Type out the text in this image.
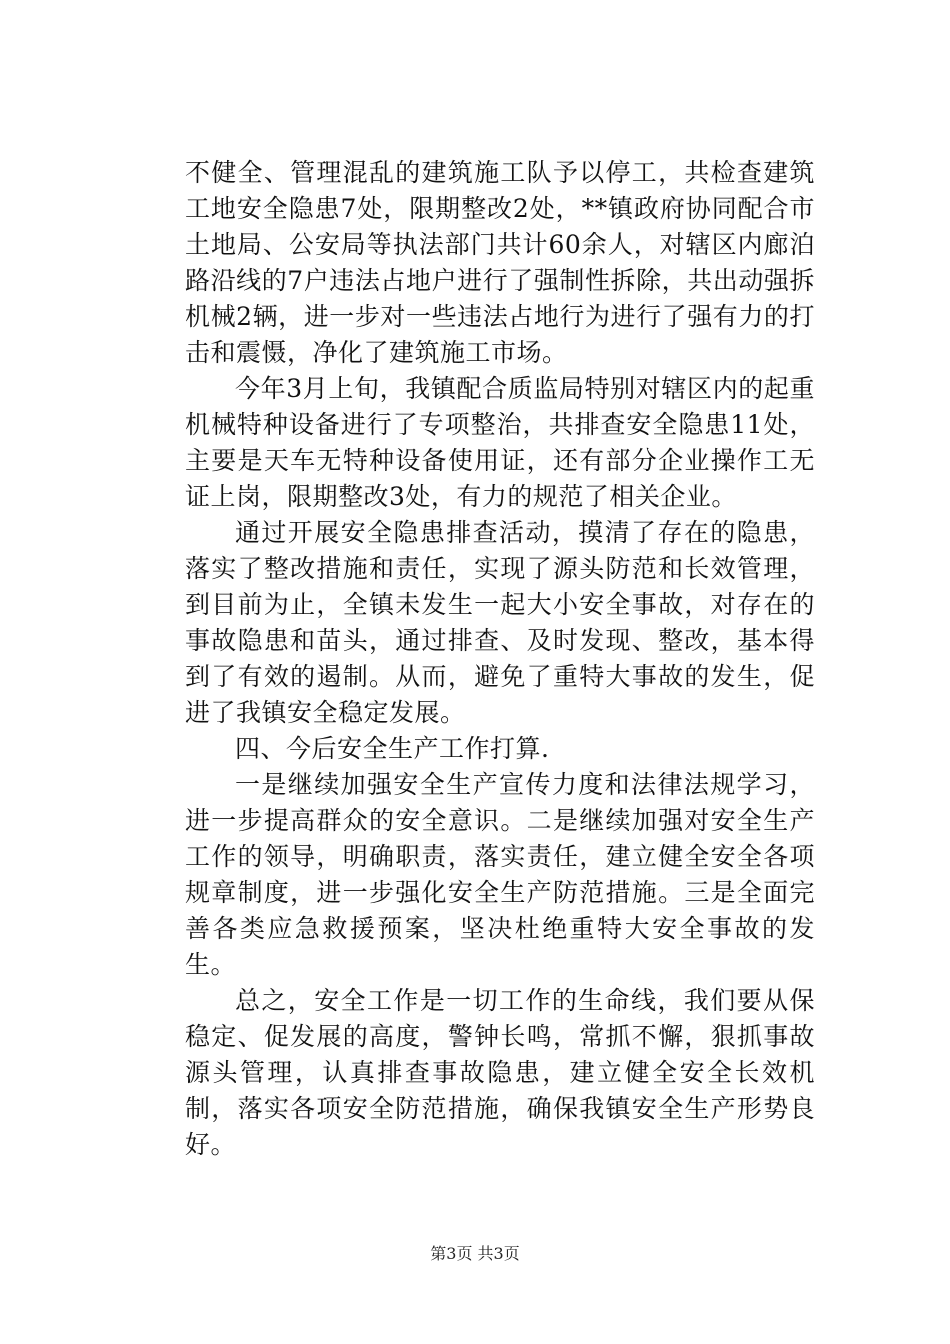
不健全、管理混乱的建筑施工队予以停工，共检查建筑工地安全隐患7处，限期整改2处，**镇政府协同配合市土地局、公安局等执法部门共计60余人，对辖区内廊泊路沿线的7户违法占地户进行了强制性拆除，共出动强拆机械2辆，进一步对一些违法占地行为进行了强有力的打击和震慑，净化了建筑施工市场。

今年3月上旬，我镇配合质监局特别对辖区内的起重机械特种设备进行了专项整治，共排查安全隐患11处，主要是天车无特种设备使用证，还有部分企业操作工无证上岗，限期整改3处，有力的规范了相关企业。

通过开展安全隐患排查活动，摸清了存在的隐患，落实了整改措施和责任，实现了源头防范和长效管理，到目前为止，全镇未发生一起大小安全事故，对存在的事故隐患和苗头，通过排查、及时发现、整改，基本得到了有效的遏制。从而，避免了重特大事故的发生，促进了我镇安全稳定发展。

四、今后安全生产工作打算.

一是继续加强安全生产宣传力度和法律法规学习，进一步提高群众的安全意识。二是继续加强对安全生产工作的领导，明确职责，落实责任，建立健全安全各项规章制度，进一步强化安全生产防范措施。三是全面完善各类应急救援预案，坚决杜绝重特大安全事故的发生。

总之，安全工作是一切工作的生命线，我们要从保稳定、促发展的高度，警钟长鸣，常抓不懈，狠抓事故源头管理，认真排查事故隐患，建立健全安全长效机制，落实各项安全防范措施，确保我镇安全生产形势良好。

第3页 共3页
